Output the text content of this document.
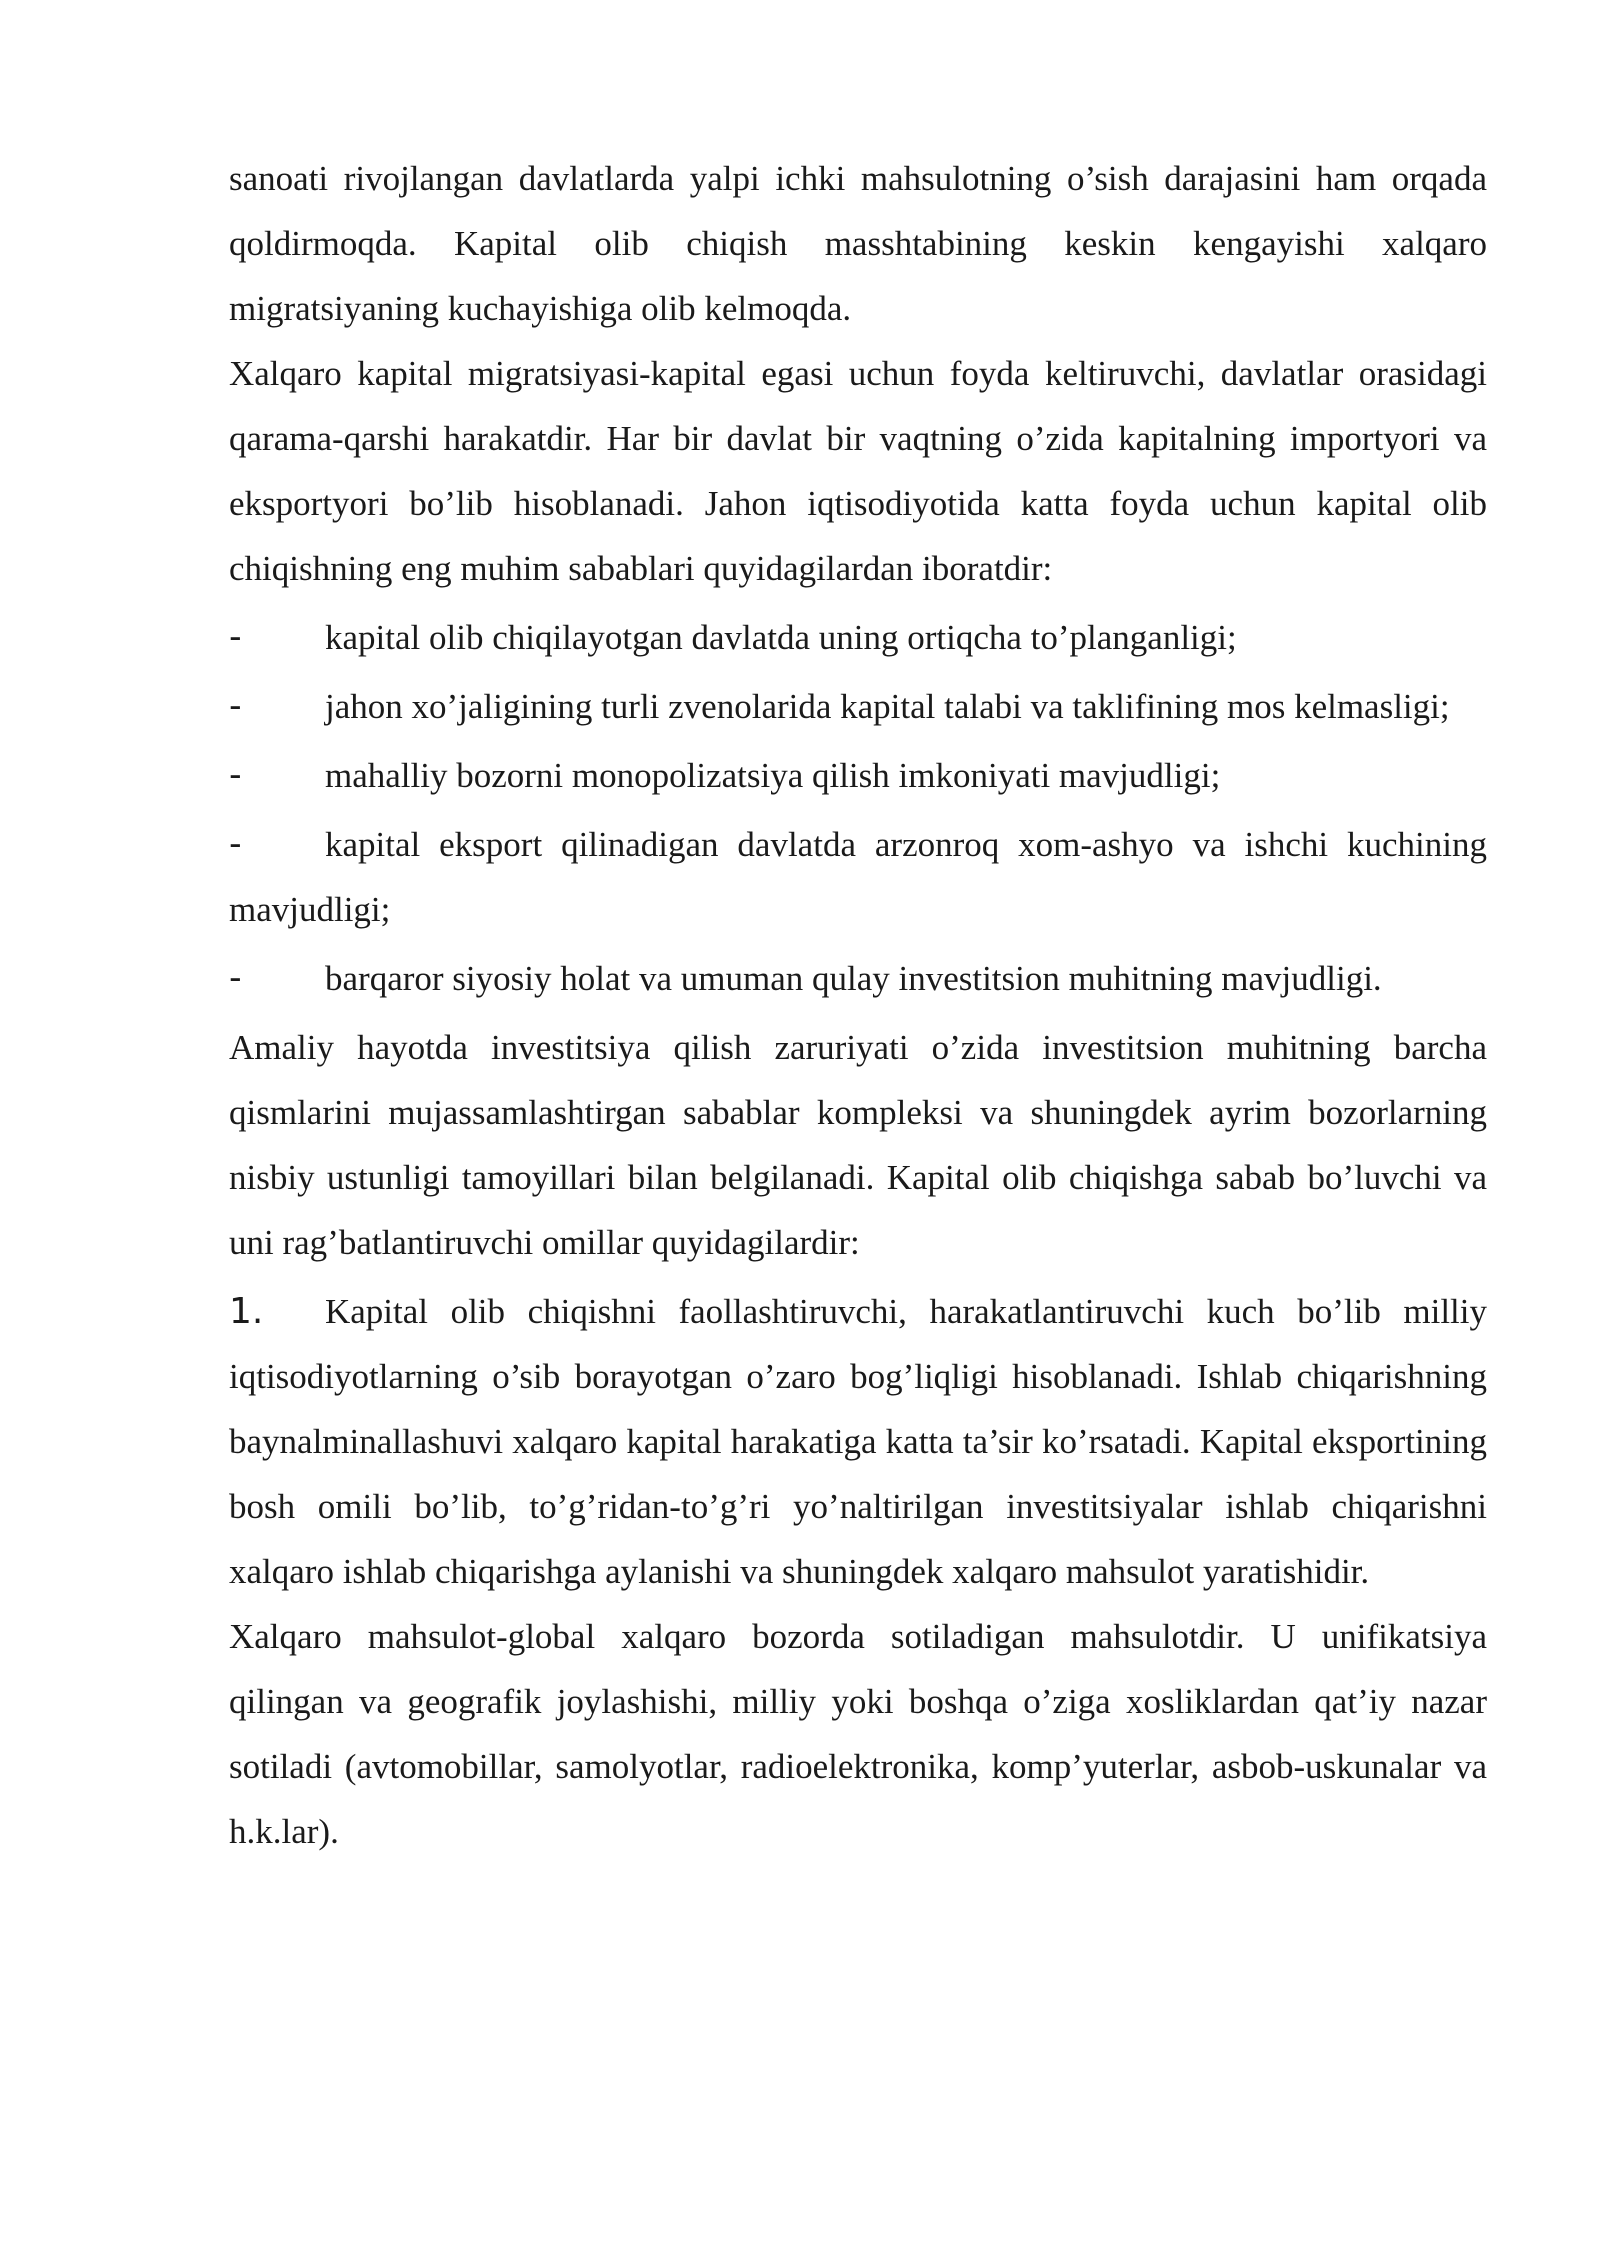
sanoati rivojlangan davlatlarda yalpi ichki mahsulotning o’sish darajasini ham orqada qoldirmoqda. Kapital olib chiqish masshtabining keskin kengayishi xalqaro migratsiyaning kuchayishiga olib kelmoqda.

Xalqaro kapital migratsiyasi-kapital egasi uchun foyda keltiruvchi, davlatlar orasidagi qarama-qarshi harakatdir. Har bir davlat bir vaqtning o’zida kapitalning importyori va eksportyori bo’lib hisoblanadi. Jahon iqtisodiyotida katta foyda uchun kapital olib chiqishning eng muhim sabablari quyidagilardan iboratdir:

-	kapital olib chiqilayotgan davlatda uning ortiqcha to’planganligi;

-	jahon xo’jaligining turli zvenolarida kapital talabi va taklifining mos kelmasligi;

-	mahalliy bozorni monopolizatsiya qilish imkoniyati mavjudligi;

-	kapital eksport qilinadigan davlatda arzonroq xom-ashyo va ishchi kuchining mavjudligi;

-	barqaror siyosiy holat va umuman qulay investitsion muhitning mavjudligi.

Amaliy hayotda investitsiya qilish zaruriyati o’zida investitsion muhitning barcha qismlarini mujassamlashtirgan sabablar kompleksi va shuningdek ayrim bozorlarning nisbiy ustunligi tamoyillari bilan belgilanadi. Kapital olib chiqishga sabab bo’luvchi va uni rag’batlantiruvchi omillar quyidagilardir:

1. Kapital olib chiqishni faollashtiruvchi, harakatlantiruvchi kuch bo’lib milliy iqtisodiyotlarning o’sib borayotgan o’zaro bog’liqligi hisoblanadi. Ishlab chiqarishning baynalminallashuvi xalqaro kapital harakatiga katta ta’sir ko’rsatadi. Kapital eksportining bosh omili bo’lib, to’g’ridan-to’g’ri yo’naltirilgan investitsiyalar ishlab chiqarishni xalqaro ishlab chiqarishga aylanishi va shuningdek xalqaro mahsulot yaratishidir.

Xalqaro mahsulot-global xalqaro bozorda sotiladigan mahsulotdir. U unifikatsiya qilingan va geografik joylashishi, milliy yoki boshqa o’ziga xosliklardan qat’iy nazar sotiladi (avtomobillar, samolyotlar, radioelektronika, komp’yuterlar, asbob-uskunalar va h.k.lar).
